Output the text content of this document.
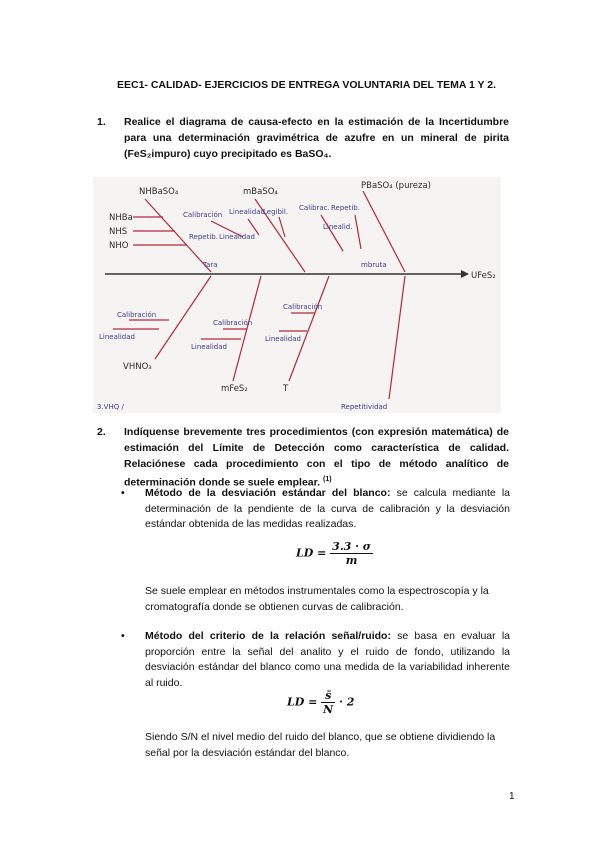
EEC1- CALIDAD- EJERCICIOS DE ENTREGA VOLUNTARIA DEL TEMA 1 Y 2.
1. Realice el diagrama de causa-efecto en la estimación de la Incertidumbre para una determinación gravimétrica de azufre en un mineral de pirita (FeS₂impuro) cuyo precipitado es BaSO₄.
UFeS₂
NHBaSO₄	mBaSO₄
PBaSO₄ (pureza)
NHBa
NHS
NHO
Calibración Linealidad
Repetib. Linealidad
Legibil.
Tara	mbruta
Calibrac. Repetib.
Linealid.
VHNO₃
mFeS₂	T
Repetitividad
Calibración
Linealidad
Calibración
Linealidad
Calibración
Linealidad
3.VHQ /
2. Indíquense brevemente tres procedimientos (con expresión matemática) de estimación del Límite de Detección como característica de calidad. Relaciónese cada procedimiento con el tipo de método analítico de determinación donde se suele emplear. $^{(1)}$
• Método de la desviación estándar del blanco: se calcula mediante la determinación de la pendiente de la curva de calibración y la desviación estándar obtenida de las medidas realizadas.
LD = $\frac{3.3 \cdot \sigma}{m}$
Se suele emplear en métodos instrumentales como la espectroscopía y la cromatografía donde se obtienen curvas de calibración.
• Método del criterio de la relación señal/ruido: se basa en evaluar la proporción entre la señal del analito y el ruido de fondo, utilizando la desviación estándar del blanco como una medida de la variabilidad inherente al ruido.
LD = $\frac{s̄}{N} \cdot 2$
Siendo S/N el nivel medio del ruido del blanco, que se obtiene dividiendo la señal por la desviación estándar del blanco.
1
